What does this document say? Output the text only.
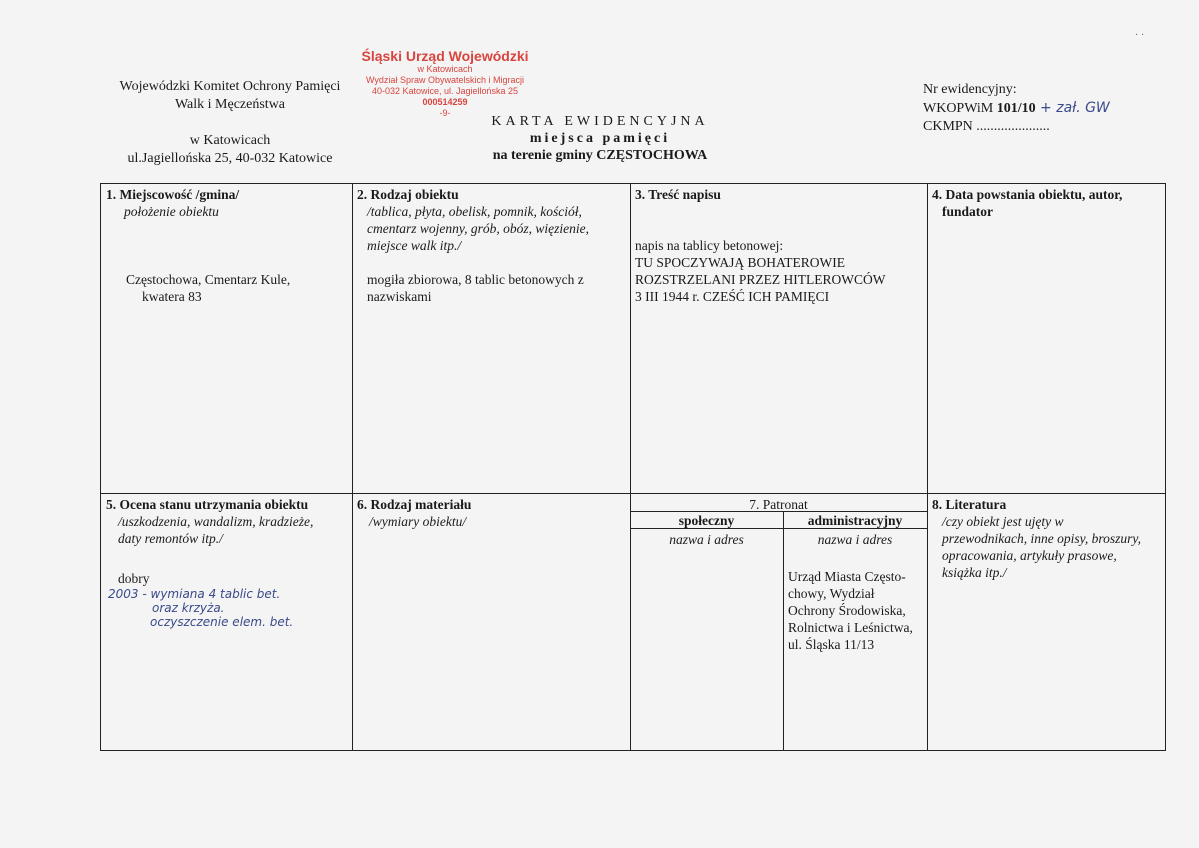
· ·
Wojewódzki Komitet Ochrony Pamięci
Walk i Męczeństwa
w Katowicach
ul.Jagiellońska 25, 40-032 Katowice
Śląski Urząd Wojewódzki
w Katowicach
Wydział Spraw Obywatelskich i Migracji
40-032 Katowice, ul. Jagiellońska 25
000514259
-9-
KARTA EWIDENCYJNA
miejsca pamięci
na terenie gminy CZĘSTOCHOWA
Nr ewidencyjny:
WKOPWiM 101/10 + zał. GW
CKMPN .....................
1. Miejscowość /gmina/
położenie obiektu
Częstochowa, Cmentarz Kule,
kwatera 83
2. Rodzaj obiektu
/tablica, płyta, obelisk, pomnik, kościół,
cmentarz wojenny, grób, obóz, więzienie,
miejsce walk itp./
mogiła zbiorowa, 8 tablic betonowych z
nazwiskami
3. Treść napisu
napis na tablicy betonowej:
TU SPOCZYWAJĄ BOHATEROWIE
ROZSTRZELANI PRZEZ HITLEROWCÓW
3 III 1944 r. CZEŚĆ ICH PAMIĘCI
4. Data powstania obiektu, autor,
fundator
5. Ocena stanu utrzymania obiektu
/uszkodzenia, wandalizm, kradzieże,
daty remontów itp./
dobry
2003 - wymiana 4 tablic bet.
oraz krzyża.
oczyszczenie elem. bet.
6. Rodzaj materiału
/wymiary obiektu/
7. Patronat
społeczny
nazwa i adres
administracyjny
nazwa i adres
Urząd Miasta Często-
chowy, Wydział
Ochrony Środowiska,
Rolnictwa i Leśnictwa,
ul. Śląska 11/13
8. Literatura
/czy obiekt jest ujęty w
przewodnikach, inne opisy, broszury,
opracowania, artykuły prasowe,
książka itp./
